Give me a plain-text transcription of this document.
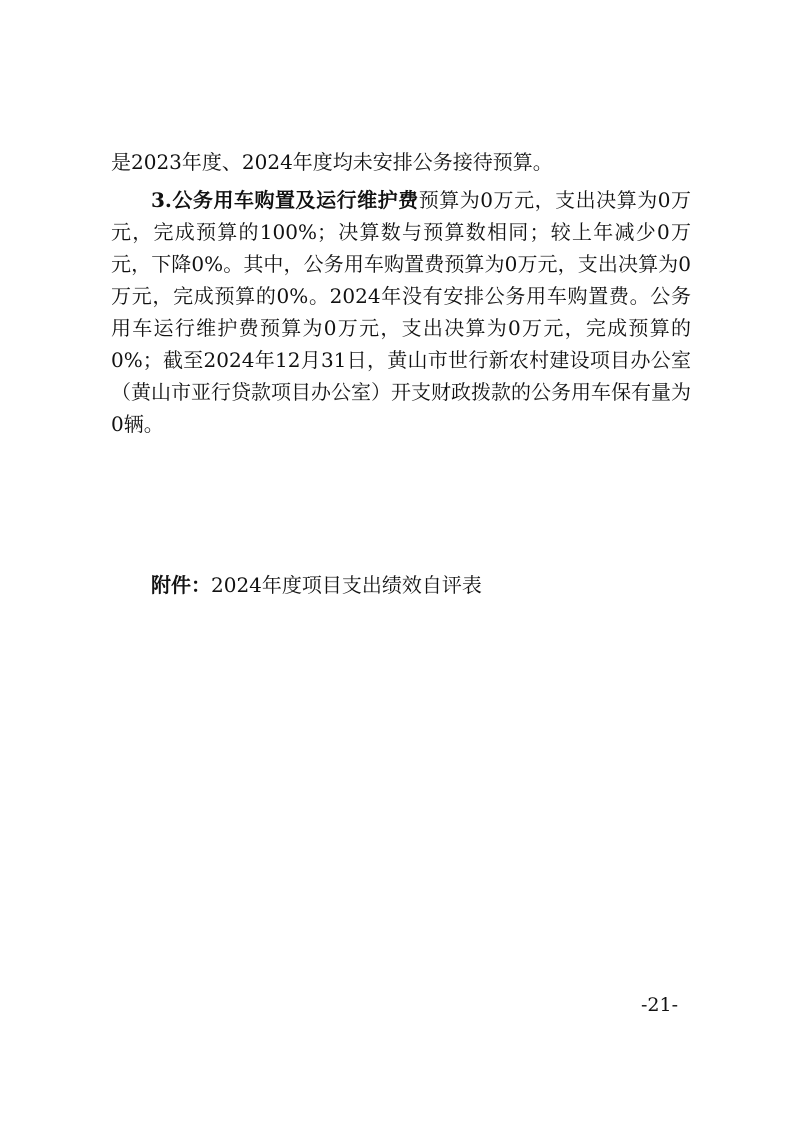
是2023年度、2024年度均未安排公务接待预算。

3.公务用车购置及运行维护费预算为0万元，支出决算为0万元，完成预算的100%；决算数与预算数相同；较上年减少0万元，下降0%。其中，公务用车购置费预算为0万元，支出决算为0万元，完成预算的0%。2024年没有安排公务用车购置费。公务用车运行维护费预算为0万元，支出决算为0万元，完成预算的0%；截至2024年12月31日，黄山市世行新农村建设项目办公室（黄山市亚行贷款项目办公室）开支财政拨款的公务用车保有量为0辆。

附件：2024年度项目支出绩效自评表
-21-
